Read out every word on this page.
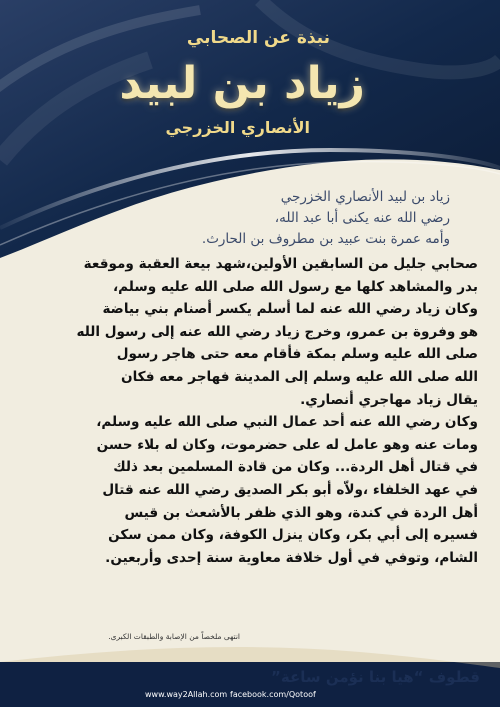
نبذة عن الصحابي

زياد بن لبيد

الأنصاري الخزرجي

زياد بن لبيد الأنصاري الخزرجي

رضي الله عنه يكنى أبا عبد الله،

وأمه عمرة بنت عبيد بن مطروف بن الحارث.

صحابي جليل من السابقين الأولين،شهد بيعة العقبة وموقعة

بدر والمشاهد كلها مع رسول الله صلى الله عليه وسلم،

وكان زياد رضي الله عنه لما أسلم يكسر أصنام بني بياضة

هو وفروة بن عمرو، وخرج زياد رضي الله عنه إلى رسول الله

صلى الله عليه وسلم بمكة فأقام معه حتى هاجر رسول

الله صلى الله عليه وسلم إلى المدينة فهاجر معه فكان

يقال زياد مهاجري أنصاري.

وكان رضي الله عنه أحد عمال النبي صلى الله عليه وسلم،

ومات عنه وهو عامل له على حضرموت، وكان له بلاء حسن

في قتال أهل الردة... وكان من قادة المسلمين بعد ذلك

في عهد الخلفاء ،ولاّه أبو بكر الصديق رضي الله عنه قتال

أهل الردة في كندة، وهو الذي ظفر بالأشعث بن قيس

فسيره إلى أبي بكر، وكان ينزل الكوفة، وكان ممن سكن

الشام، وتوفي في أول خلافة معاوية سنة إحدى وأربعين.

انتهى ملخصاً من الإصابة والطبقات الكبرى.

قطوف “هيا بنا نؤمن ساعة”

www.way2Allah.com facebook.com/Qotoof
